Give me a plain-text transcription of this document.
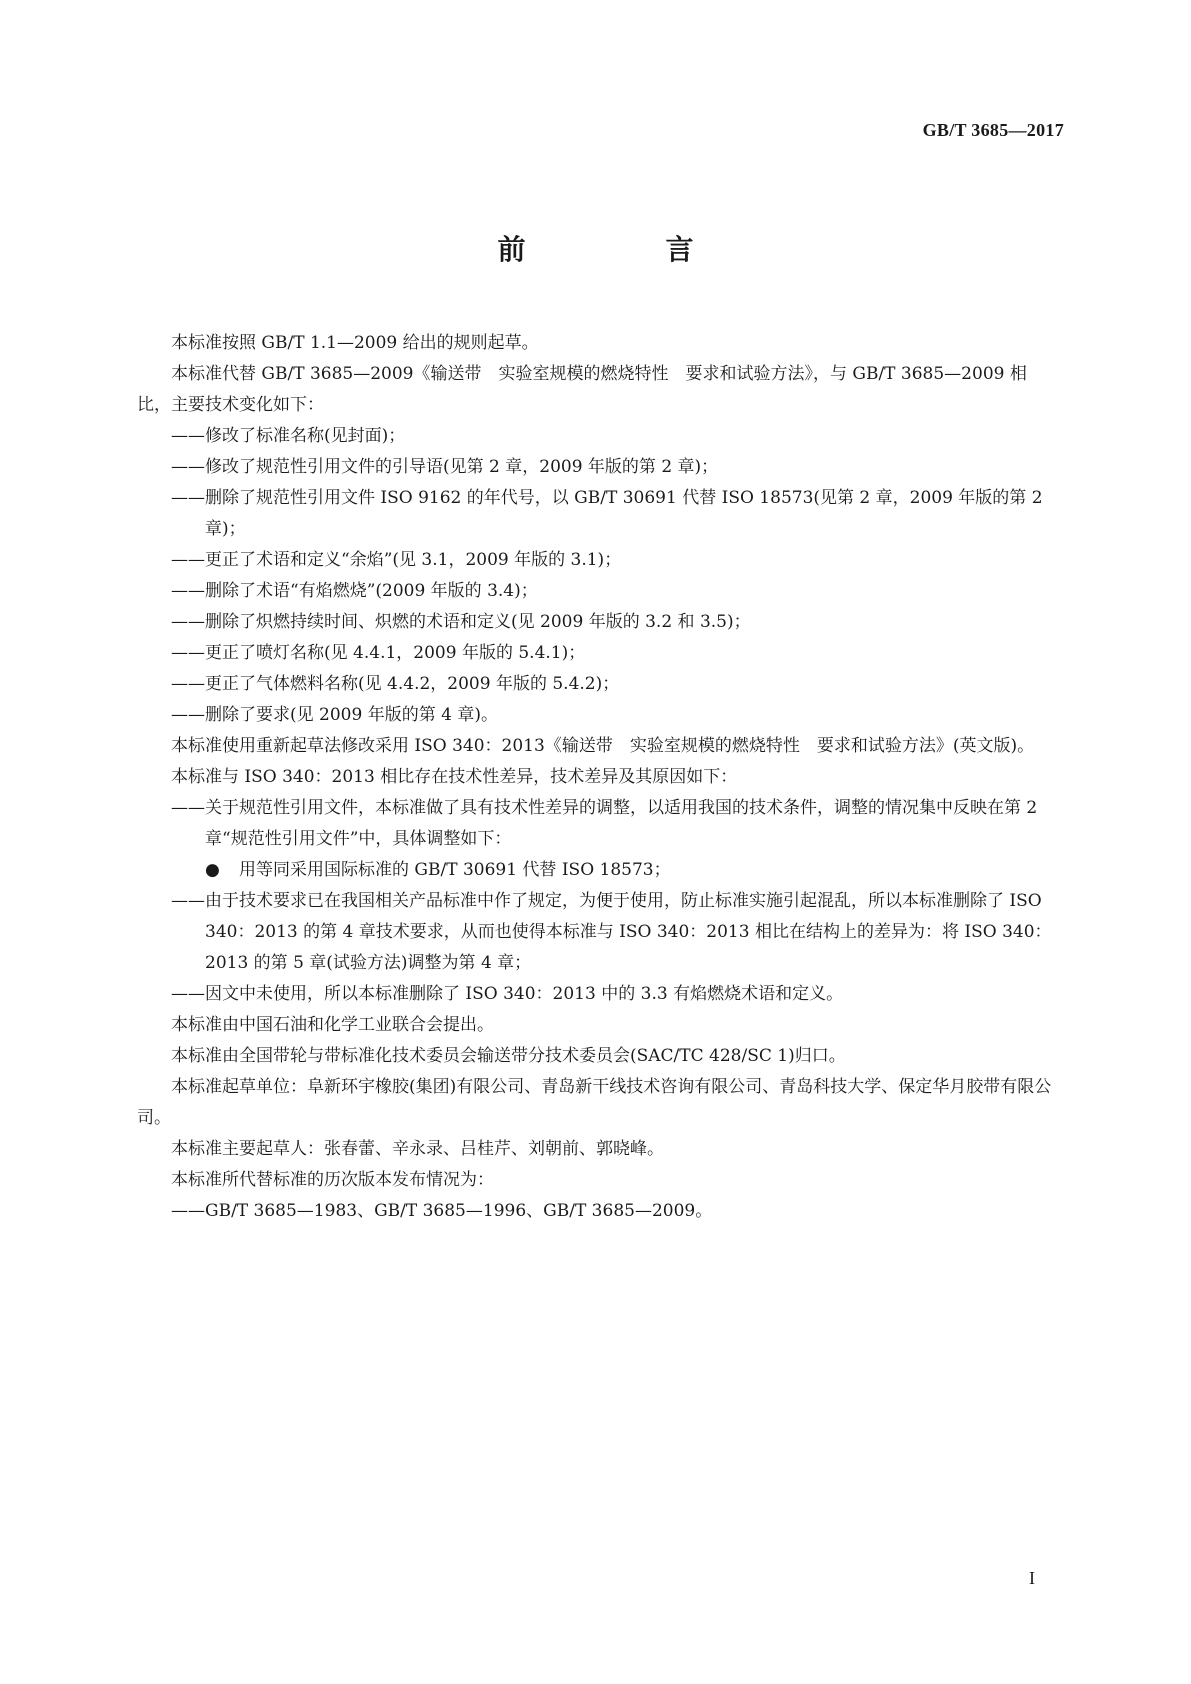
GB/T 3685—2017
前　言

本标准按照 GB/T 1.1—2009 给出的规则起草。

本标准代替 GB/T 3685—2009《输送带　实验室规模的燃烧特性　要求和试验方法》，与 GB/T 3685—2009 相比，主要技术变化如下：

——修改了标准名称(见封面)；

——修改了规范性引用文件的引导语(见第 2 章，2009 年版的第 2 章)；

——删除了规范性引用文件 ISO 9162 的年代号，以 GB/T 30691 代替 ISO 18573(见第 2 章，2009 年版的第 2 章)；

——更正了术语和定义“余焰”(见 3.1，2009 年版的 3.1)；

——删除了术语“有焰燃烧”(2009 年版的 3.4)；

——删除了炽燃持续时间、炽燃的术语和定义(见 2009 年版的 3.2 和 3.5)；

——更正了喷灯名称(见 4.4.1，2009 年版的 5.4.1)；

——更正了气体燃料名称(见 4.4.2，2009 年版的 5.4.2)；

——删除了要求(见 2009 年版的第 4 章)。

本标准使用重新起草法修改采用 ISO 340：2013《输送带　实验室规模的燃烧特性　要求和试验方法》(英文版)。

本标准与 ISO 340：2013 相比存在技术性差异，技术差异及其原因如下：

——关于规范性引用文件，本标准做了具有技术性差异的调整，以适用我国的技术条件，调整的情况集中反映在第 2 章“规范性引用文件”中，具体调整如下：

● 用等同采用国际标准的 GB/T 30691 代替 ISO 18573；

——由于技术要求已在我国相关产品标准中作了规定，为便于使用，防止标准实施引起混乱，所以本标准删除了 ISO 340：2013 的第 4 章技术要求，从而也使得本标准与 ISO 340：2013 相比在结构上的差异为：将 ISO 340：2013 的第 5 章(试验方法)调整为第 4 章；

——因文中未使用，所以本标准删除了 ISO 340：2013 中的 3.3 有焰燃烧术语和定义。

本标准由中国石油和化学工业联合会提出。

本标准由全国带轮与带标准化技术委员会输送带分技术委员会(SAC/TC 428/SC 1)归口。

本标准起草单位：阜新环宇橡胶(集团)有限公司、青岛新干线技术咨询有限公司、青岛科技大学、保定华月胶带有限公司。

本标准主要起草人：张春蕾、辛永录、吕桂芹、刘朝前、郭晓峰。

本标准所代替标准的历次版本发布情况为：

——GB/T 3685—1983、GB/T 3685—1996、GB/T 3685—2009。

I
